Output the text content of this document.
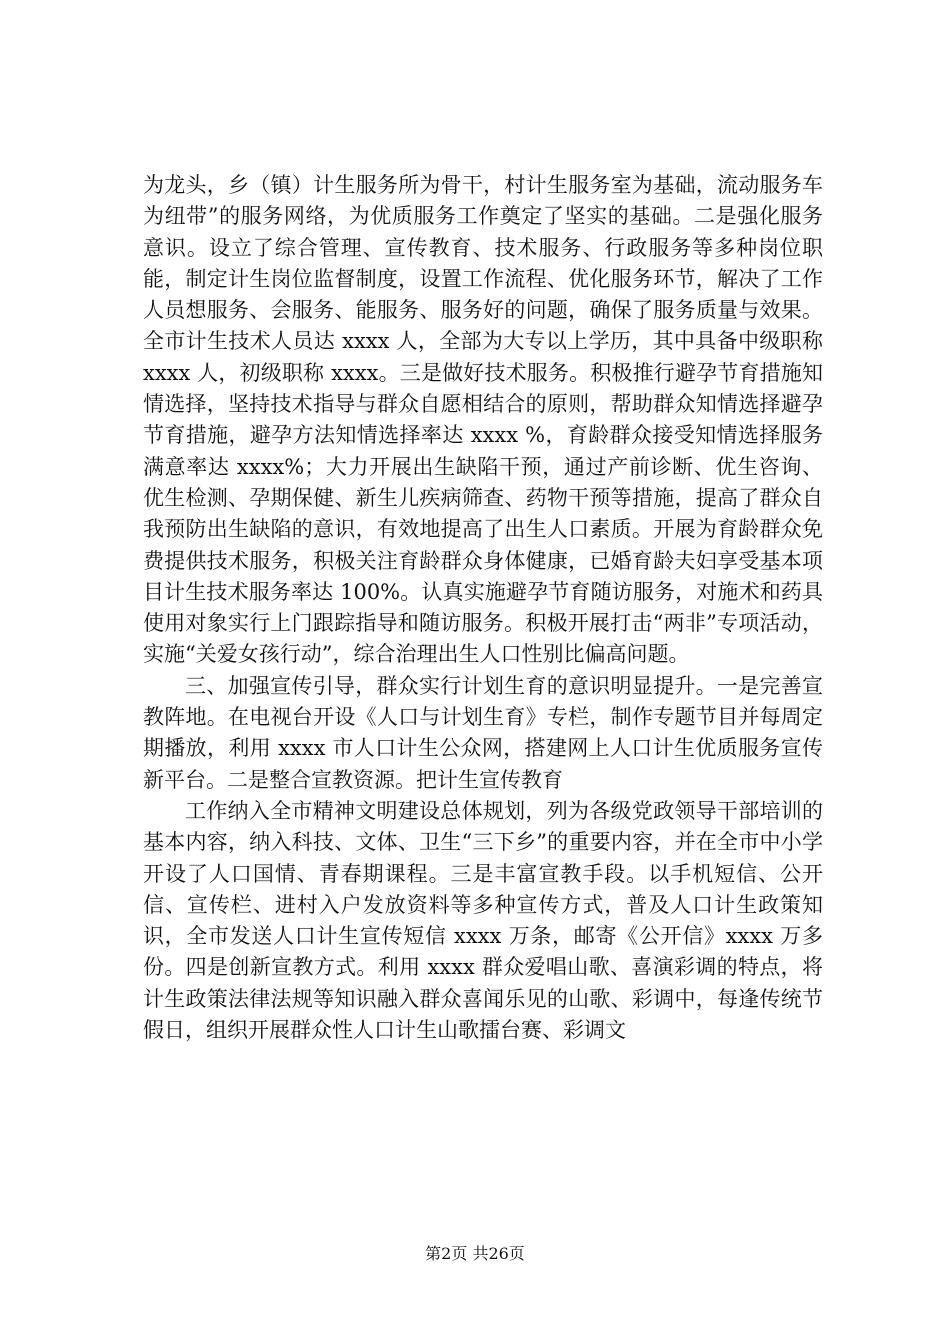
为龙头，乡（镇）计生服务所为骨干，村计生服务室为基础，流动服务车为纽带”的服务网络，为优质服务工作奠定了坚实的基础。二是强化服务意识。设立了综合管理、宣传教育、技术服务、行政服务等多种岗位职能，制定计生岗位监督制度，设置工作流程、优化服务环节，解决了工作人员想服务、会服务、能服务、服务好的问题，确保了服务质量与效果。全市计生技术人员达 xxxx 人，全部为大专以上学历，其中具备中级职称 xxxx 人，初级职称 xxxx。三是做好技术服务。积极推行避孕节育措施知情选择，坚持技术指导与群众自愿相结合的原则，帮助群众知情选择避孕节育措施，避孕方法知情选择率达 xxxx %，育龄群众接受知情选择服务满意率达 xxxx%；大力开展出生缺陷干预，通过产前诊断、优生咨询、优生检测、孕期保健、新生儿疾病筛查、药物干预等措施，提高了群众自我预防出生缺陷的意识，有效地提高了出生人口素质。开展为育龄群众免费提供技术服务，积极关注育龄群众身体健康，已婚育龄夫妇享受基本项目计生技术服务率达 100%。认真实施避孕节育随访服务，对施术和药具使用对象实行上门跟踪指导和随访服务。积极开展打击“两非”专项活动，实施“关爱女孩行动”，综合治理出生人口性别比偏高问题。

三、加强宣传引导，群众实行计划生育的意识明显提升。一是完善宣教阵地。在电视台开设《人口与计划生育》专栏，制作专题节目并每周定期播放，利用 xxxx 市人口计生公众网，搭建网上人口计生优质服务宣传新平台。二是整合宣教资源。把计生宣传教育

工作纳入全市精神文明建设总体规划，列为各级党政领导干部培训的基本内容，纳入科技、文体、卫生“三下乡”的重要内容，并在全市中小学开设了人口国情、青春期课程。三是丰富宣教手段。以手机短信、公开信、宣传栏、进村入户发放资料等多种宣传方式，普及人口计生政策知识，全市发送人口计生宣传短信 xxxx 万条，邮寄《公开信》xxxx 万多份。四是创新宣教方式。利用 xxxx 群众爱唱山歌、喜演彩调的特点，将计生政策法律法规等知识融入群众喜闻乐见的山歌、彩调中，每逢传统节假日，组织开展群众性人口计生山歌擂台赛、彩调文

第2页 共26页
